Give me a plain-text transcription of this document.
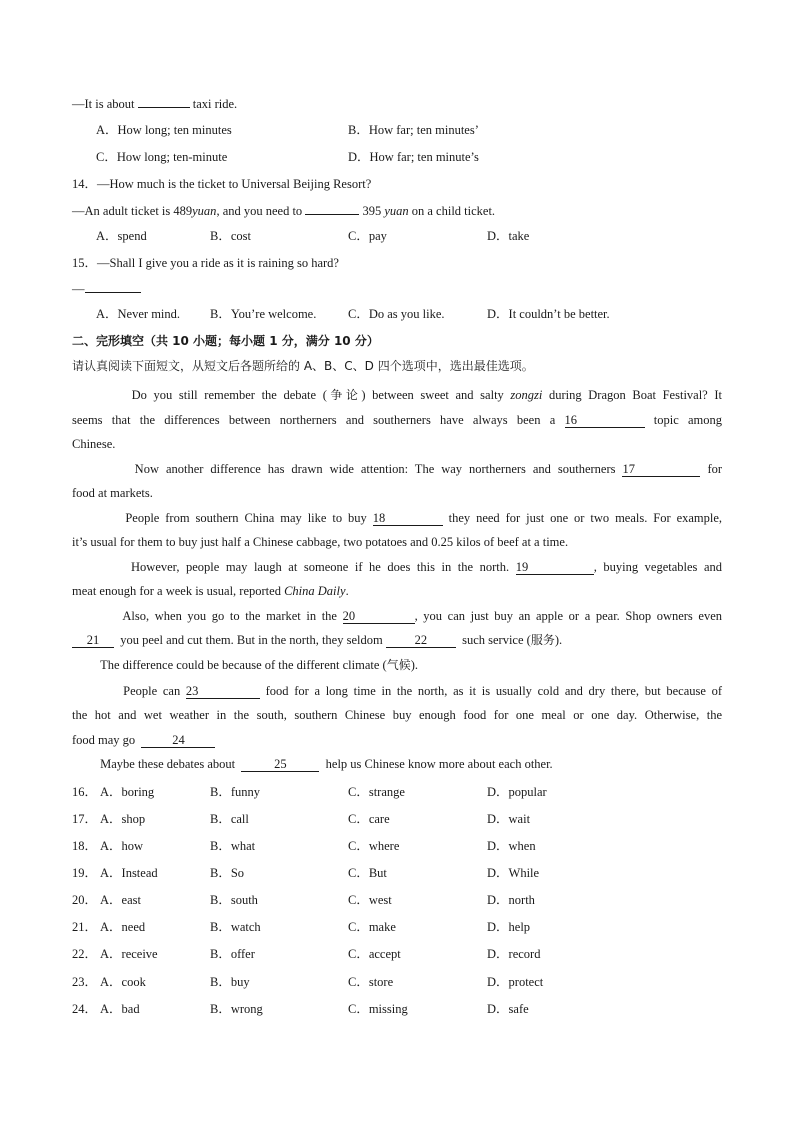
—It is about	taxi ride.
A．How long; ten minutes	B．How far; ten minutes’
C．How long; ten-minute	D．How far; ten minute’s
14．—How much is the ticket to Universal Beijing Resort?
—An adult ticket is 489yuan, and you need to	395 yuan on a child ticket.
A．spend	B．cost	C．pay	D．take
15．—Shall I give you a ride as it is raining so hard?
—
A．Never mind. B．You’re welcome.	C．Do as you like.	D．It couldn’t be better.
二、完形填空（共 10 小题；每小题 1 分，满分 10 分）
请认真阅读下面短文，从短文后各题所给的 A、B、C、D 四个选项中，选出最佳选项。
Do you still remember the debate (争论) between sweet and salty zongzi during Dragon Boat Festival? It
seems that the differences between northerners and southerners have always been a 16	topic among
Chinese.
Now another difference has drawn wide attention: The way northerners and southerners 17	for
food at markets.
People from southern China may like to buy 18	they need for just one or two meals. For example,
it’s usual for them to buy just half a Chinese cabbage, two potatoes and 0.25 kilos of beef at a time.
However, people may laugh at someone if he does this in the north. 19	, buying vegetables and
meat enough for a week is usual, reported China Daily.
Also, when you go to the market in the 20	, you can just buy an apple or a pear. Shop owners even
21 you peel and cut them. But in the north, they seldom	22	such service (服务).
The difference could be because of the different climate (气候).
People can 23	food for a long time in the north, as it is usually cold and dry there, but because of
the hot and wet weather in the south, southern Chinese buy enough food for one meal or one day. Otherwise, the
food may go	24
Maybe these debates about	25	help us Chinese know more about each other.
16． A．boring	B．funny	C．strange	D．popular
17． A．shop	B．call	C．care	D．wait
18． A．how	B．what	C．where	D．when
19． A．Instead	B．So	C．But	D．While
20． A．east	B．south	C．west	D．north
21． A．need	B．watch	C．make	D．help
22． A．receive	B．offer	C．accept	D．record
23． A．cook	B．buy	C．store	D．protect
24． A．bad	B．wrong	C．missing	D．safe
